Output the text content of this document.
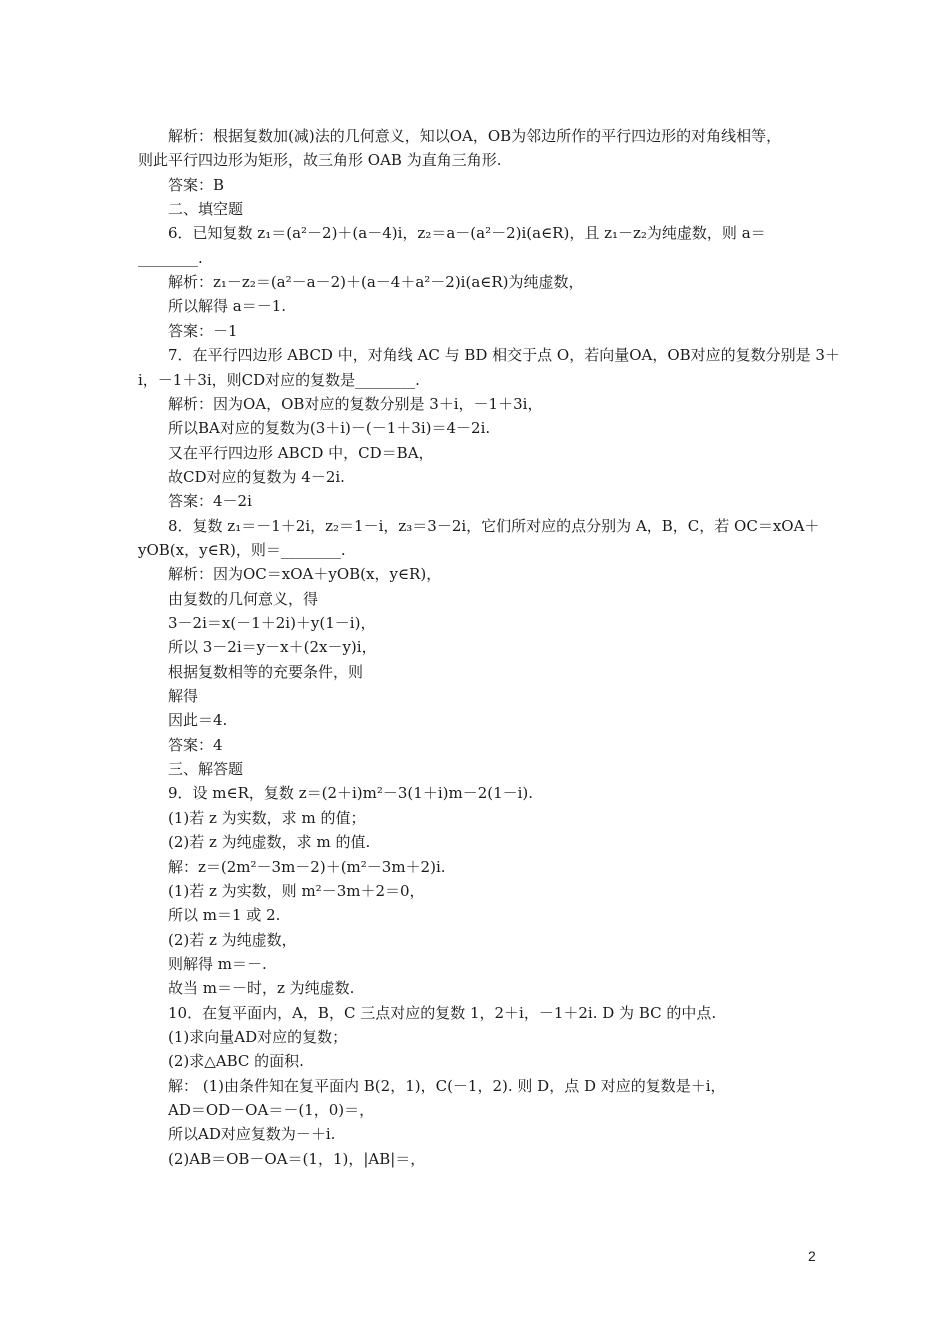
解析：根据复数加(减)法的几何意义，知以OA，OB为邻边所作的平行四边形的对角线相等，
则此平行四边形为矩形，故三角形 OAB 为直角三角形.
答案：B
二、填空题
6．已知复数 z₁＝(a²－2)＋(a－4)i，z₂＝a－(a²－2)i(a∈R)，且 z₁－z₂为纯虚数，则 a＝
________.
解析：z₁－z₂＝(a²－a－2)＋(a－4＋a²－2)i(a∈R)为纯虚数，
所以解得 a＝－1.
答案：－1
7．在平行四边形 ABCD 中，对角线 AC 与 BD 相交于点 O，若向量OA，OB对应的复数分别是 3＋
i，－1＋3i，则CD对应的复数是________.
解析：因为OA，OB对应的复数分别是 3＋i，－1＋3i，
所以BA对应的复数为(3＋i)－(－1＋3i)＝4－2i.
又在平行四边形 ABCD 中，CD＝BA，
故CD对应的复数为 4－2i.
答案：4－2i
8．复数 z₁＝－1＋2i，z₂＝1－i，z₃＝3－2i，它们所对应的点分别为 A，B，C，若 OC＝xOA＋
yOB(x，y∈R)，则＝________.
解析：因为OC＝xOA＋yOB(x，y∈R)，
由复数的几何意义，得
3－2i＝x(－1＋2i)＋y(1－i)，
所以 3－2i＝y－x＋(2x－y)i，
根据复数相等的充要条件，则
解得
因此＝4.
答案：4
三、解答题
9．设 m∈R，复数 z＝(2＋i)m²－3(1＋i)m－2(1－i).
(1)若 z 为实数，求 m 的值；
(2)若 z 为纯虚数，求 m 的值.
解：z＝(2m²－3m－2)＋(m²－3m＋2)i.
(1)若 z 为实数，则 m²－3m＋2＝0，
所以 m＝1 或 2.
(2)若 z 为纯虚数，
则解得 m＝－.
故当 m＝－时，z 为纯虚数.
10．在复平面内，A，B，C 三点对应的复数 1，2＋i，－1＋2i. D 为 BC 的中点.
(1)求向量AD对应的复数；
(2)求△ABC 的面积.
解： (1)由条件知在复平面内 B(2，1)，C(－1，2). 则 D，点 D 对应的复数是＋i，
AD＝OD－OA＝－(1，0)＝，
所以AD对应复数为－＋i.
(2)AB＝OB－OA＝(1，1)，|AB|＝，
2
